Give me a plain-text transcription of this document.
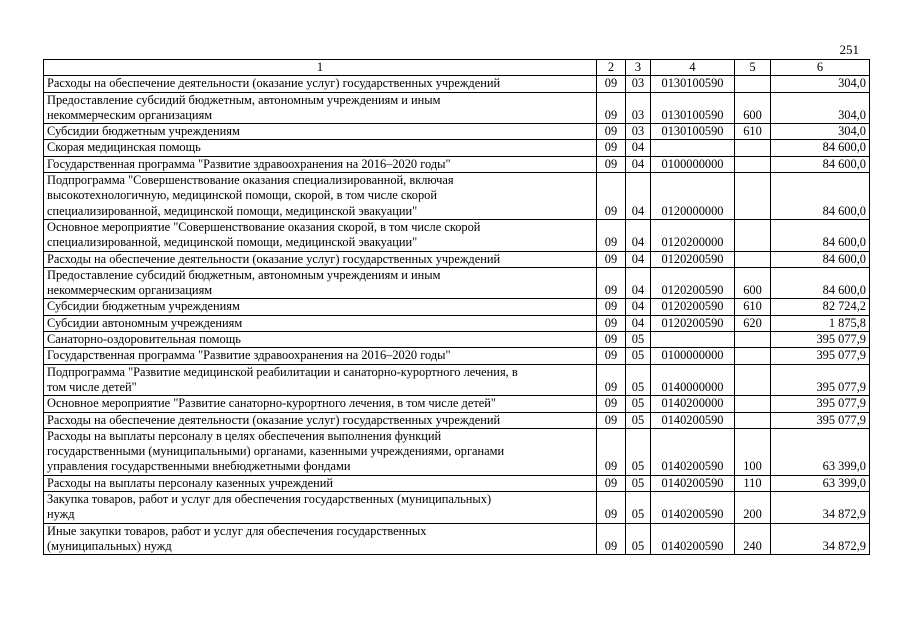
251
1	2	3	4	5	6

Расходы на обеспечение деятельности (оказание услуг) государственных учреждений	09	03	0130100590		304,0

Предоставление субсидий бюджетным, автономным учреждениям и иным
некоммерческим организациям	09	03	0130100590	600	304,0

Субсидии бюджетным учреждениям	09	03	0130100590	610	304,0

Скорая медицинская помощь	09	04			84 600,0

Государственная программа "Развитие здравоохранения на 2016–2020 годы"	09	04	0100000000		84 600,0

Подпрограмма "Совершенствование оказания специализированной, включая
высокотехнологичную, медицинской помощи, скорой, в том числе скорой
специализированной, медицинской помощи, медицинской эвакуации"	09	04	0120000000		84 600,0

Основное мероприятие "Совершенствование оказания скорой, в том числе скорой
специализированной, медицинской помощи, медицинской эвакуации"	09	04	0120200000		84 600,0

Расходы на обеспечение деятельности (оказание услуг) государственных учреждений	09	04	0120200590		84 600,0

Предоставление субсидий бюджетным, автономным учреждениям и иным
некоммерческим организациям	09	04	0120200590	600	84 600,0

Субсидии бюджетным учреждениям	09	04	0120200590	610	82 724,2

Субсидии автономным учреждениям	09	04	0120200590	620	1 875,8

Санаторно-оздоровительная помощь	09	05			395 077,9

Государственная программа "Развитие здравоохранения на 2016–2020 годы"	09	05	0100000000		395 077,9

Подпрограмма "Развитие медицинской реабилитации и санаторно-курортного лечения, в
том числе детей"	09	05	0140000000		395 077,9

Основное мероприятие "Развитие санаторно-курортного лечения, в том числе детей"	09	05	0140200000		395 077,9

Расходы на обеспечение деятельности (оказание услуг) государственных учреждений	09	05	0140200590		395 077,9

Расходы на выплаты персоналу в целях обеспечения выполнения функций
государственными (муниципальными) органами, казенными учреждениями, органами
управления государственными внебюджетными фондами	09	05	0140200590	100	63 399,0

Расходы на выплаты персоналу казенных учреждений	09	05	0140200590	110	63 399,0

Закупка товаров, работ и услуг для обеспечения государственных (муниципальных)
нужд	09	05	0140200590	200	34 872,9

Иные закупки товаров, работ и услуг для обеспечения государственных
(муниципальных) нужд	09	05	0140200590	240	34 872,9
